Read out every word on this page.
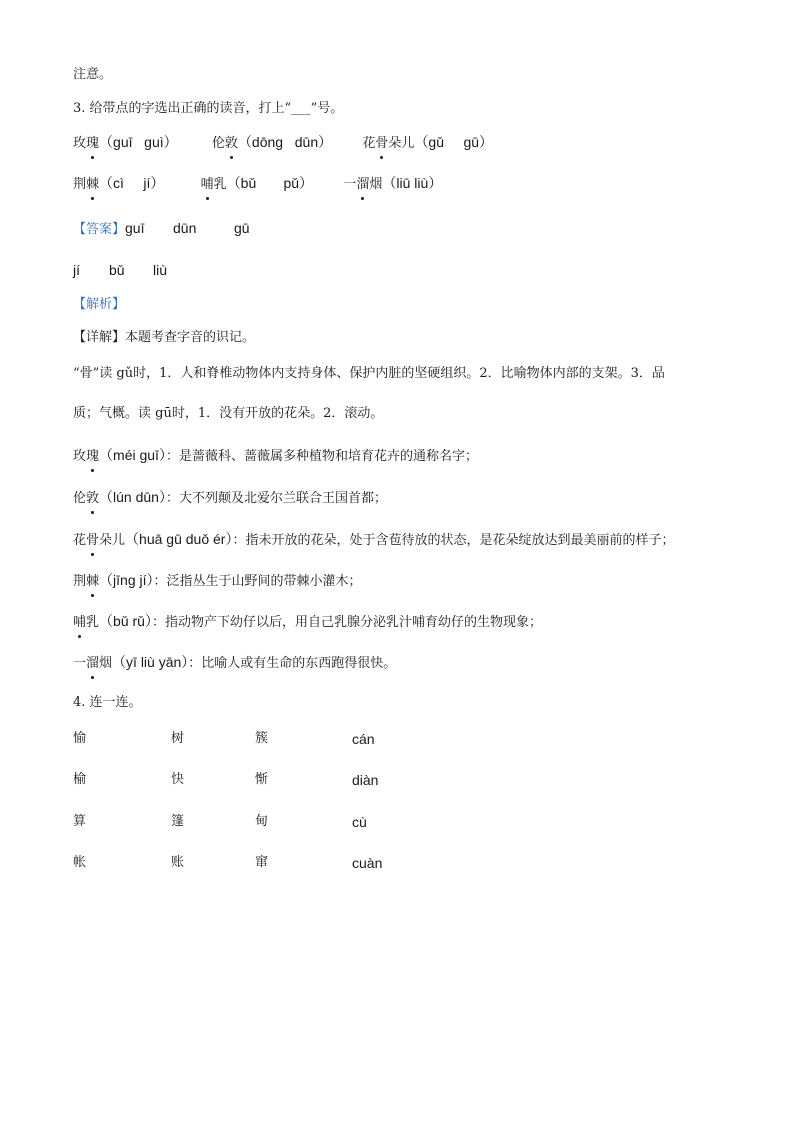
注意。
3. 给带点的字选出正确的读音，打上“___”号。
玫瑰（guī   guì）	伦敦（dōng   dūn） 花骨朵儿（gǔ     gū）
荆棘（cì     jí）	哺乳（bǔ       pǔ） 一溜烟（liū liù）
【答案】guī dūn	gū
jí bǔ liù
【解析】
【详解】本题考查字音的识记。
“骨”读 gǔ时，1．人和脊椎动物体内支持身体、保护内脏的坚硬组织。2．比喻物体内部的支架。3．品
质；气概。读 gū时，1．没有开放的花朵。2．滚动。
玫瑰（méi guī）：是蔷薇科、蔷薇属多种植物和培育花卉的通称名字；
伦敦（lún dūn）：大不列颠及北爱尔兰联合王国首都；
花骨朵儿（huā gū duǒ ér）：指未开放的花朵，处于含苞待放的状态，是花朵绽放达到最美丽前的样子；
荆棘（jīng jí）：泛指丛生于山野间的带棘小灌木；
哺乳（bǔ rǔ）：指动物产下幼仔以后，用自己乳腺分泌乳汁哺育幼仔的生物现象；
一溜烟（yī liù yān）：比喻人或有生命的东西跑得很快。
4. 连一连。
愉	树	簇	cán
榆	快	惭	diàn
算	篷	甸	cù
帐	账	窜	cuàn
